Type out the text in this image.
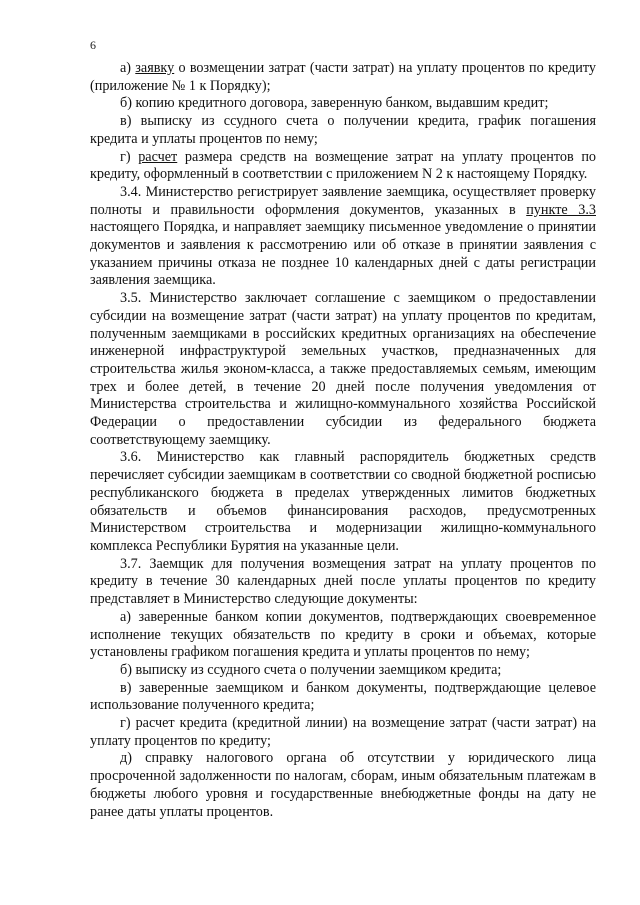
6

а) заявку о возмещении затрат (части затрат) на уплату процентов по кредиту (приложение № 1 к Порядку);

б) копию кредитного договора, заверенную банком, выдавшим кредит;

в) выписку из ссудного счета о получении кредита, график погашения кредита и уплаты процентов по нему;

г) расчет размера средств на возмещение затрат на уплату процентов по кредиту, оформленный в соответствии с приложением N 2 к настоящему Порядку.

3.4. Министерство регистрирует заявление заемщика, осуществляет проверку полноты и правильности оформления документов, указанных в пункте 3.3 настоящего Порядка, и направляет заемщику письменное уведомление о принятии документов и заявления к рассмотрению или об отказе в принятии заявления с указанием причины отказа не позднее 10 календарных дней с даты регистрации заявления заемщика.

3.5. Министерство заключает соглашение с заемщиком о предоставлении субсидии на возмещение затрат (части затрат) на уплату процентов по кредитам, полученным заемщиками в российских кредитных организациях на обеспечение инженерной инфраструктурой земельных участков, предназначенных для строительства жилья эконом-класса, а также предоставляемых семьям, имеющим трех и более детей, в течение 20 дней после получения уведомления от Министерства строительства и жилищно-коммунального хозяйства Российской Федерации о предоставлении субсидии из федерального бюджета соответствующему заемщику.

3.6. Министерство как главный распорядитель бюджетных средств перечисляет субсидии заемщикам в соответствии со сводной бюджетной росписью республиканского бюджета в пределах утвержденных лимитов бюджетных обязательств и объемов финансирования расходов, предусмотренных Министерством строительства и модернизации жилищно-коммунального комплекса Республики Бурятия на указанные цели.

3.7. Заемщик для получения возмещения затрат на уплату процентов по кредиту в течение 30 календарных дней после уплаты процентов по кредиту представляет в Министерство следующие документы:

а) заверенные банком копии документов, подтверждающих своевременное исполнение текущих обязательств по кредиту в сроки и объемах, которые установлены графиком погашения кредита и уплаты процентов по нему;

б) выписку из ссудного счета о получении заемщиком кредита;

в) заверенные заемщиком и банком документы, подтверждающие целевое использование полученного кредита;

г) расчет кредита (кредитной линии) на возмещение затрат (части затрат) на уплату процентов по кредиту;

д) справку налогового органа об отсутствии у юридического лица просроченной задолженности по налогам, сборам, иным обязательным платежам в бюджеты любого уровня и государственные внебюджетные фонды на дату не ранее даты уплаты процентов.
